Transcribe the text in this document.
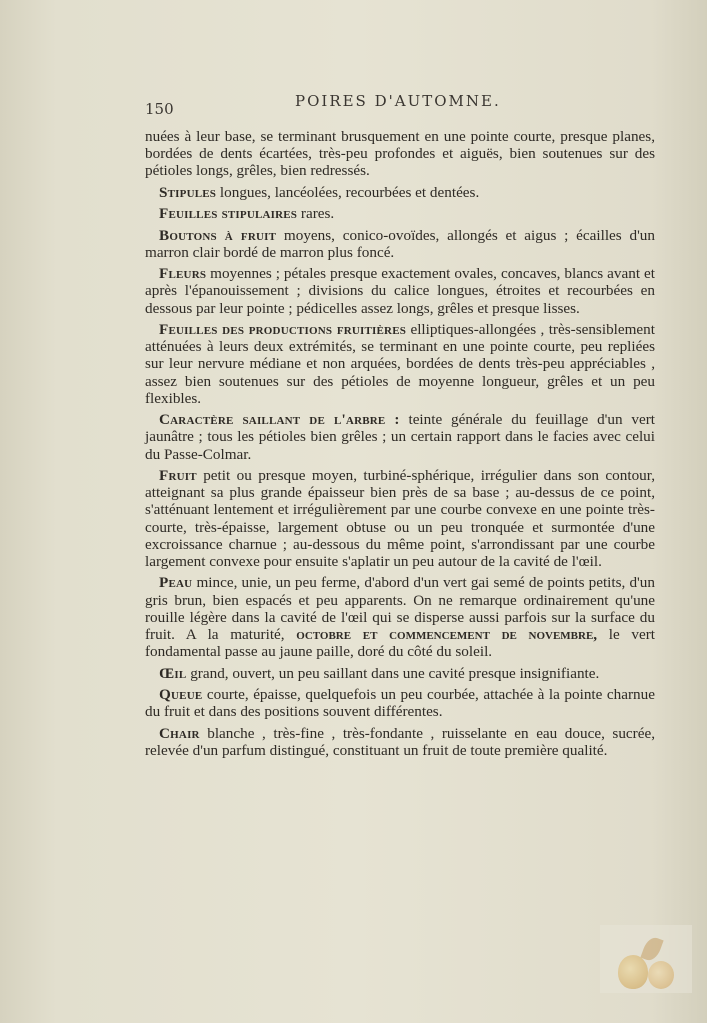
150	POIRES D'AUTOMNE.

nuées à leur base, se terminant brusquement en une pointe courte, presque planes, bordées de dents écartées, très-peu profondes et aiguës, bien soutenues sur des pétioles longs, grêles, bien redressés.

Stipules longues, lancéolées, recourbées et dentées.

Feuilles stipulaires rares.

Boutons à fruit moyens, conico-ovoïdes, allongés et aigus ; écailles d'un marron clair bordé de marron plus foncé.

Fleurs moyennes ; pétales presque exactement ovales, concaves, blancs avant et après l'épanouissement ; divisions du calice longues, étroites et recourbées en dessous par leur pointe ; pédicelles assez longs, grêles et presque lisses.

Feuilles des productions fruitières elliptiques-allongées , très-sensiblement atténuées à leurs deux extrémités, se terminant en une pointe courte, peu repliées sur leur nervure médiane et non arquées, bordées de dents très-peu appréciables , assez bien soutenues sur des pétioles de moyenne longueur, grêles et un peu flexibles.

Caractère saillant de l'arbre : teinte générale du feuillage d'un vert jaunâtre ; tous les pétioles bien grêles ; un certain rapport dans le facies avec celui du Passe-Colmar.

Fruit petit ou presque moyen, turbiné-sphérique, irrégulier dans son contour, atteignant sa plus grande épaisseur bien près de sa base ; au-dessus de ce point, s'atténuant lentement et irrégulièrement par une courbe convexe en une pointe très-courte, très-épaisse, largement obtuse ou un peu tronquée et surmontée d'une excroissance charnue ; au-dessous du même point, s'arrondissant par une courbe largement convexe pour ensuite s'aplatir un peu autour de la cavité de l'œil.

Peau mince, unie, un peu ferme, d'abord d'un vert gai semé de points petits, d'un gris brun, bien espacés et peu apparents. On ne remarque ordinairement qu'une rouille légère dans la cavité de l'œil qui se disperse aussi parfois sur la surface du fruit. A la maturité, octobre et commencement de novembre, le vert fondamental passe au jaune paille, doré du côté du soleil.

Œil grand, ouvert, un peu saillant dans une cavité presque insignifiante.

Queue courte, épaisse, quelquefois un peu courbée, attachée à la pointe charnue du fruit et dans des positions souvent différentes.

Chair blanche , très-fine , très-fondante , ruisselante en eau douce, sucrée, relevée d'un parfum distingué, constituant un fruit de toute première qualité.
